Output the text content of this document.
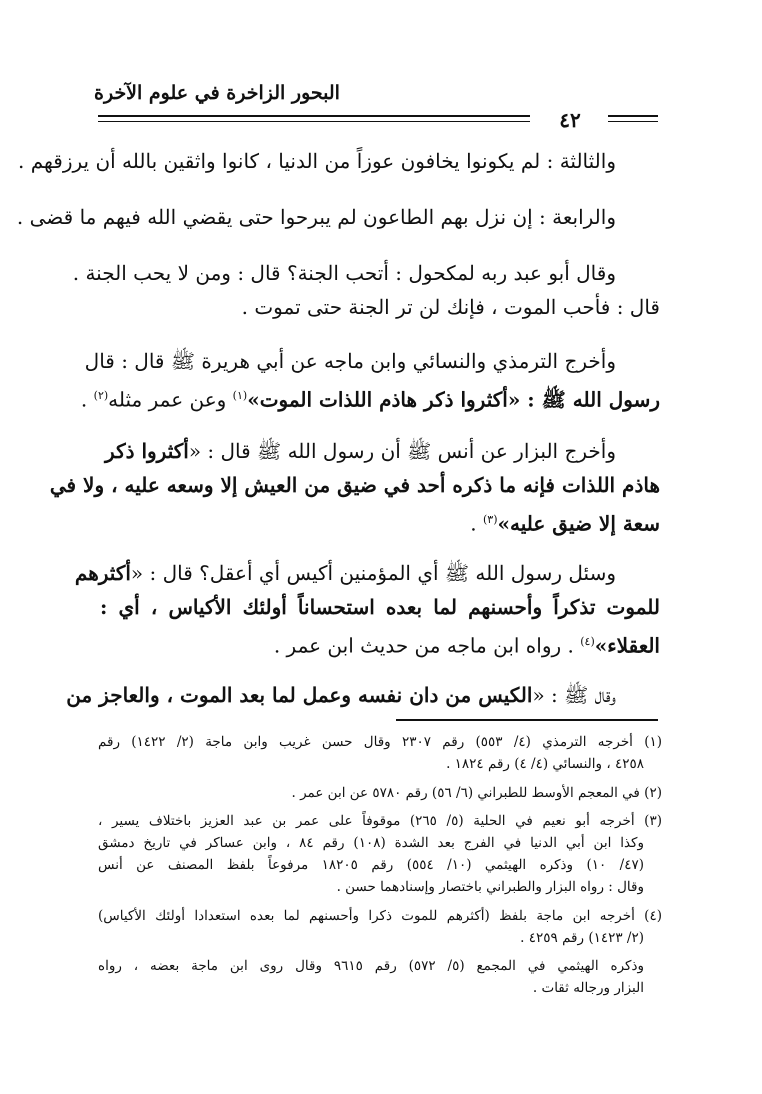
البحور الزاخرة في علوم الآخرة
٤٢
والثالثة : لم يكونوا يخافون عوزاً من الدنيا ، كانوا واثقين بالله أن يرزقهم .
والرابعة : إن نزل بهم الطاعون لم يبرحوا حتى يقضي الله فيهم ما قضى .
وقال أبو عبد ربه لمكحول : أتحب الجنة؟ قال : ومن لا يحب الجنة .
قال : فأحب الموت ، فإنك لن تر الجنة حتى تموت .
وأخرج الترمذي والنسائي وابن ماجه عن أبي هريرة ﷺ قال : قال
رسول الله ﷺ : «أكثروا ذكر هاذم اللذات الموت»$^{(١)}$ وعن عمر مثله$^{(٢)}$ .
وأخرج البزار عن أنس ﷺ أن رسول الله ﷺ قال : «أكثروا ذكر
هاذم اللذات فإنه ما ذكره أحد في ضيق من العيش إلا وسعه عليه ، ولا في
سعة إلا ضيق عليه»$^{(٣)}$ .
وسئل رسول الله ﷺ أي المؤمنين أكيس أي أعقل؟ قال : «أكثرهم
للموت تذكراً وأحسنهم لما بعده استحساناً أولئك الأكياس ، أي :
العقلاء»$^{(٤)}$ . رواه ابن ماجه من حديث ابن عمر .
وقال ﷺ : «الكيس من دان نفسه وعمل لما بعد الموت ، والعاجز من
(١) أخرجه الترمذي (٤/ ٥٥٣) رقم ٢٣٠٧ وقال حسن غريب وابن ماجة (٢/ ١٤٢٢) رقم
٤٢٥٨ ، والنسائي (٤/ ٤) رقم ١٨٢٤ .
(٢) في المعجم الأوسط للطبراني (٦/ ٥٦) رقم ٥٧٨٠ عن ابن عمر .
(٣) أخرجه أبو نعيم في الحلية (٥/ ٢٦٥) موقوفاً على عمر بن عبد العزيز باختلاف يسير ،
وكذا ابن أبي الدنيا في الفرج بعد الشدة (١٠٨) رقم ٨٤ ، وابن عساكر في تاريخ دمشق
(٤٧/ ١٠) وذكره الهيثمي (١٠/ ٥٥٤) رقم ١٨٢٠٥ مرفوعاً بلفظ المصنف عن أنس
وقال : رواه البزار والطبراني باختصار وإسنادهما حسن .
(٤) أخرجه ابن ماجة بلفظ (أكثرهم للموت ذكرا وأحسنهم لما بعده استعدادا أولئك الأكياس)
(٢/ ١٤٢٣) رقم ٤٢٥٩ .
وذكره الهيثمي في المجمع (٥/ ٥٧٢) رقم ٩٦١٥ وقال روى ابن ماجة بعضه ، رواه
البزار ورجاله ثقات .
